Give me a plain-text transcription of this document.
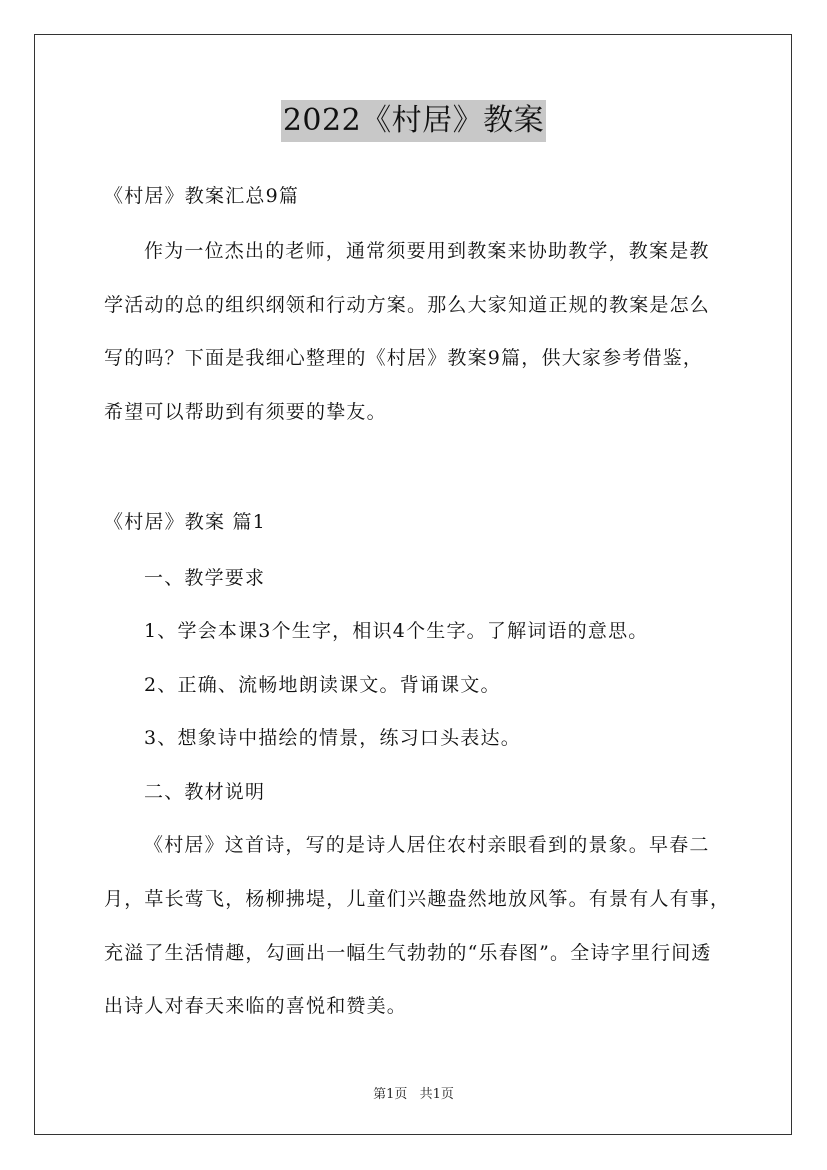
2022《村居》教案
《村居》教案汇总9篇
作为一位杰出的老师，通常须要用到教案来协助教学，教案是教
学活动的总的组织纲领和行动方案。那么大家知道正规的教案是怎么
写的吗？下面是我细心整理的《村居》教案9篇，供大家参考借鉴，
希望可以帮助到有须要的挚友。
《村居》教案 篇1
一、教学要求
1、学会本课3个生字，相识4个生字。了解词语的意思。
2、正确、流畅地朗读课文。背诵课文。
3、想象诗中描绘的情景，练习口头表达。
二、教材说明
《村居》这首诗，写的是诗人居住农村亲眼看到的景象。早春二
月，草长莺飞，杨柳拂堤，儿童们兴趣盎然地放风筝。有景有人有事，
充溢了生活情趣，勾画出一幅生气勃勃的“乐春图”。全诗字里行间透
出诗人对春天来临的喜悦和赞美。
第1页 共1页
